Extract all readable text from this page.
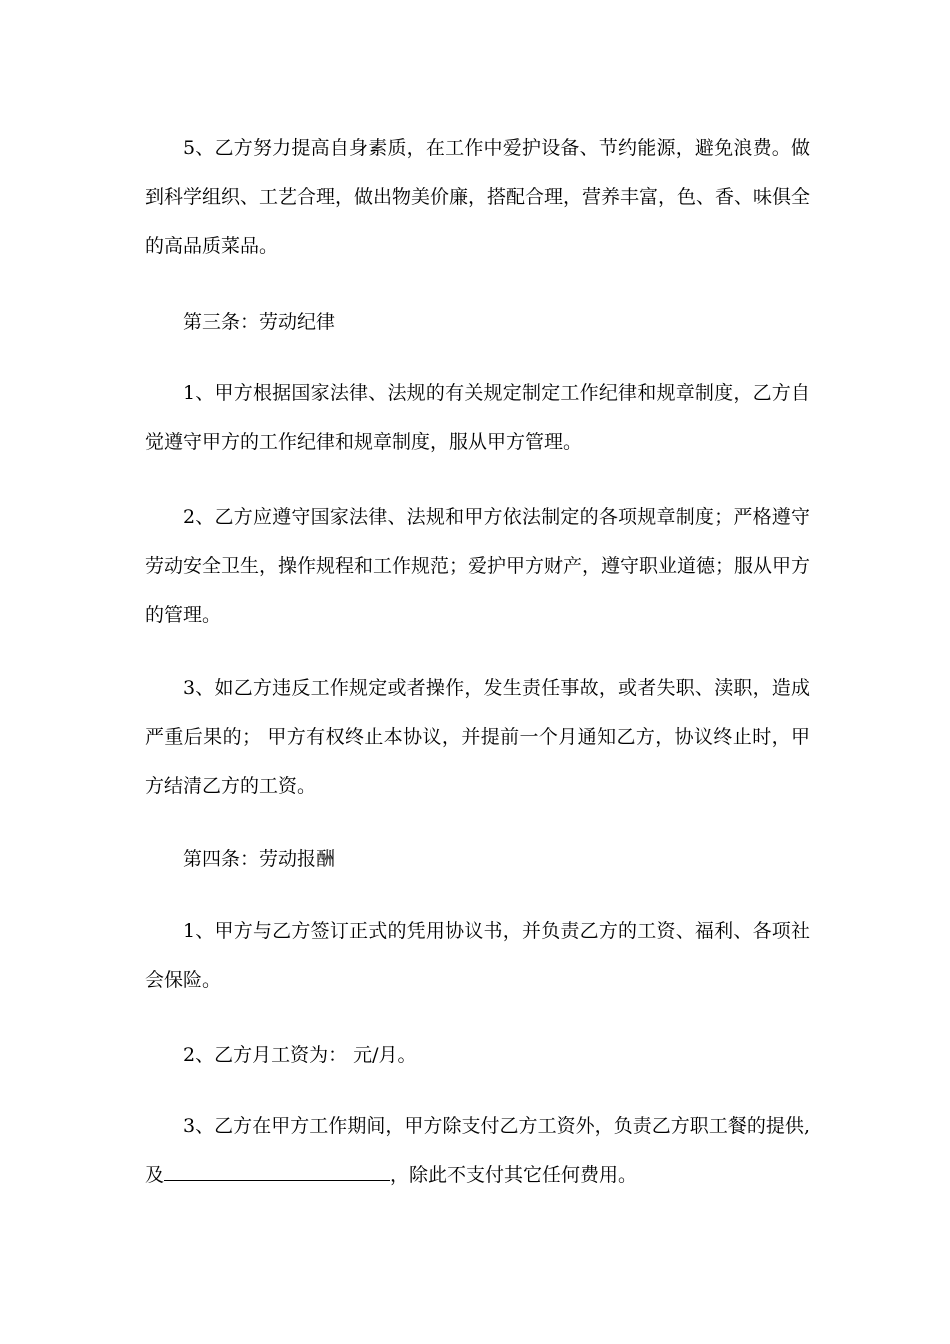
5、乙方努力提高自身素质，在工作中爱护设备、节约能源，避免浪费。做到科学组织、工艺合理，做出物美价廉，搭配合理，营养丰富，色、香、味俱全的高品质菜品。

第三条：劳动纪律

1、甲方根据国家法律、法规的有关规定制定工作纪律和规章制度，乙方自觉遵守甲方的工作纪律和规章制度，服从甲方管理。

2、乙方应遵守国家法律、法规和甲方依法制定的各项规章制度；严格遵守劳动安全卫生，操作规程和工作规范；爱护甲方财产，遵守职业道德；服从甲方的管理。

3、如乙方违反工作规定或者操作，发生责任事故，或者失职、渎职，造成严重后果的； 甲方有权终止本协议，并提前一个月通知乙方，协议终止时，甲方结清乙方的工资。

第四条：劳动报酬

1、甲方与乙方签订正式的凭用协议书，并负责乙方的工资、福利、各项社会保险。

2、乙方月工资为： 元/月。

3、乙方在甲方工作期间，甲方除支付乙方工资外，负责乙方职工餐的提供,及	，除此不支付其它任何费用。
